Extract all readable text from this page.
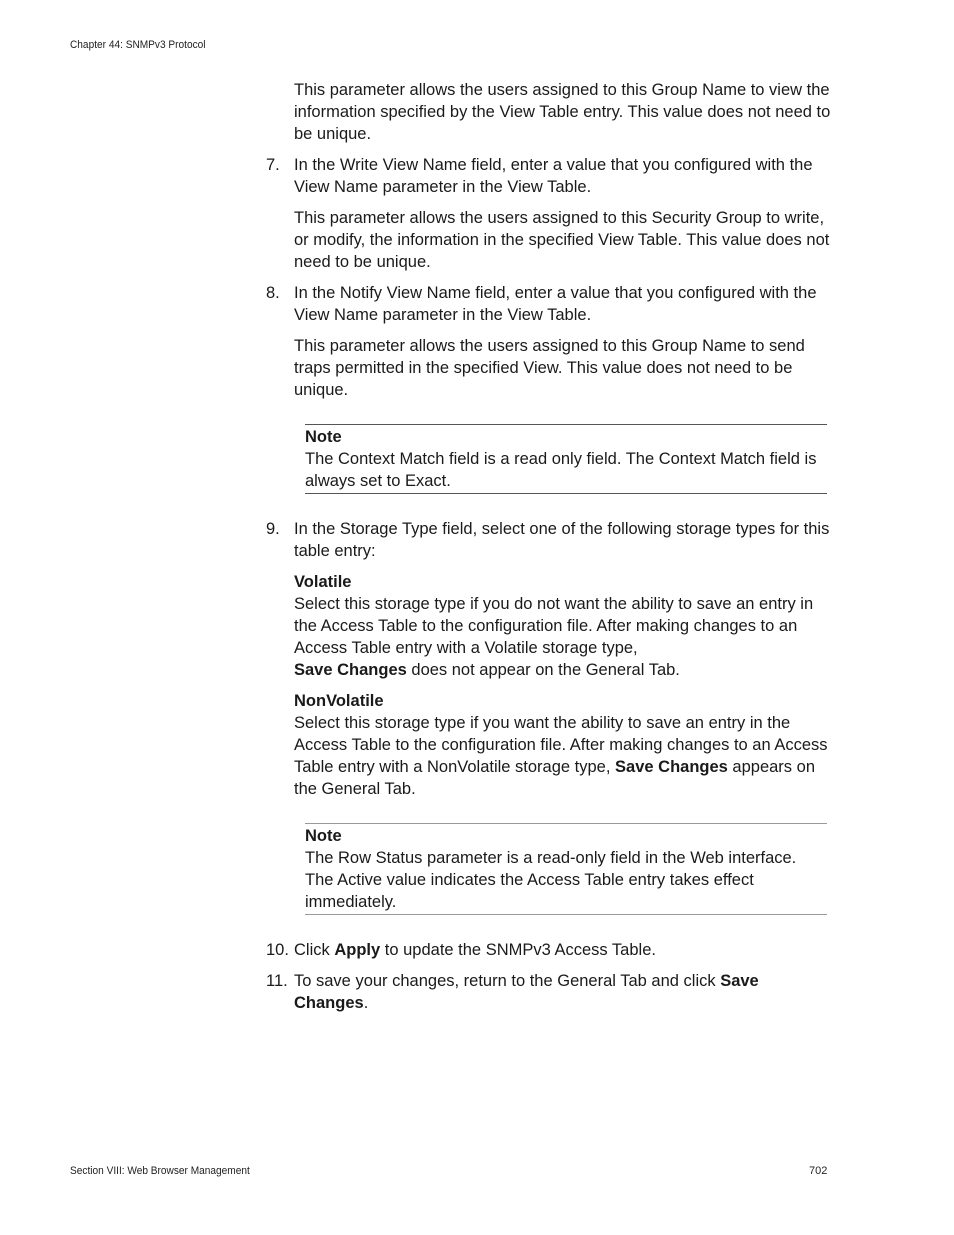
Chapter 44: SNMPv3 Protocol

This parameter allows the users assigned to this Group Name to view the information specified by the View Table entry. This value does not need to be unique.

7. In the Write View Name field, enter a value that you configured with the View Name parameter in the View Table.

This parameter allows the users assigned to this Security Group to write, or modify, the information in the specified View Table. This value does not need to be unique.

8. In the Notify View Name field, enter a value that you configured with the View Name parameter in the View Table.

This parameter allows the users assigned to this Group Name to send traps permitted in the specified View. This value does not need to be unique.

Note
The Context Match field is a read only field. The Context Match field is always set to Exact.
9. In the Storage Type field, select one of the following storage types for this table entry:
Volatile
Select this storage type if you do not want the ability to save an entry in the Access Table to the configuration file. After making changes to an Access Table entry with a Volatile storage type,
Save Changes does not appear on the General Tab.
NonVolatile
Select this storage type if you want the ability to save an entry in the Access Table to the configuration file. After making changes to an Access Table entry with a NonVolatile storage type, Save Changes appears on the General Tab.
Note
The Row Status parameter is a read-only field in the Web interface. The Active value indicates the Access Table entry takes effect immediately.
10. Click Apply to update the SNMPv3 Access Table.
11. To save your changes, return to the General Tab and click Save Changes.
Section VIII: Web Browser Management	702
